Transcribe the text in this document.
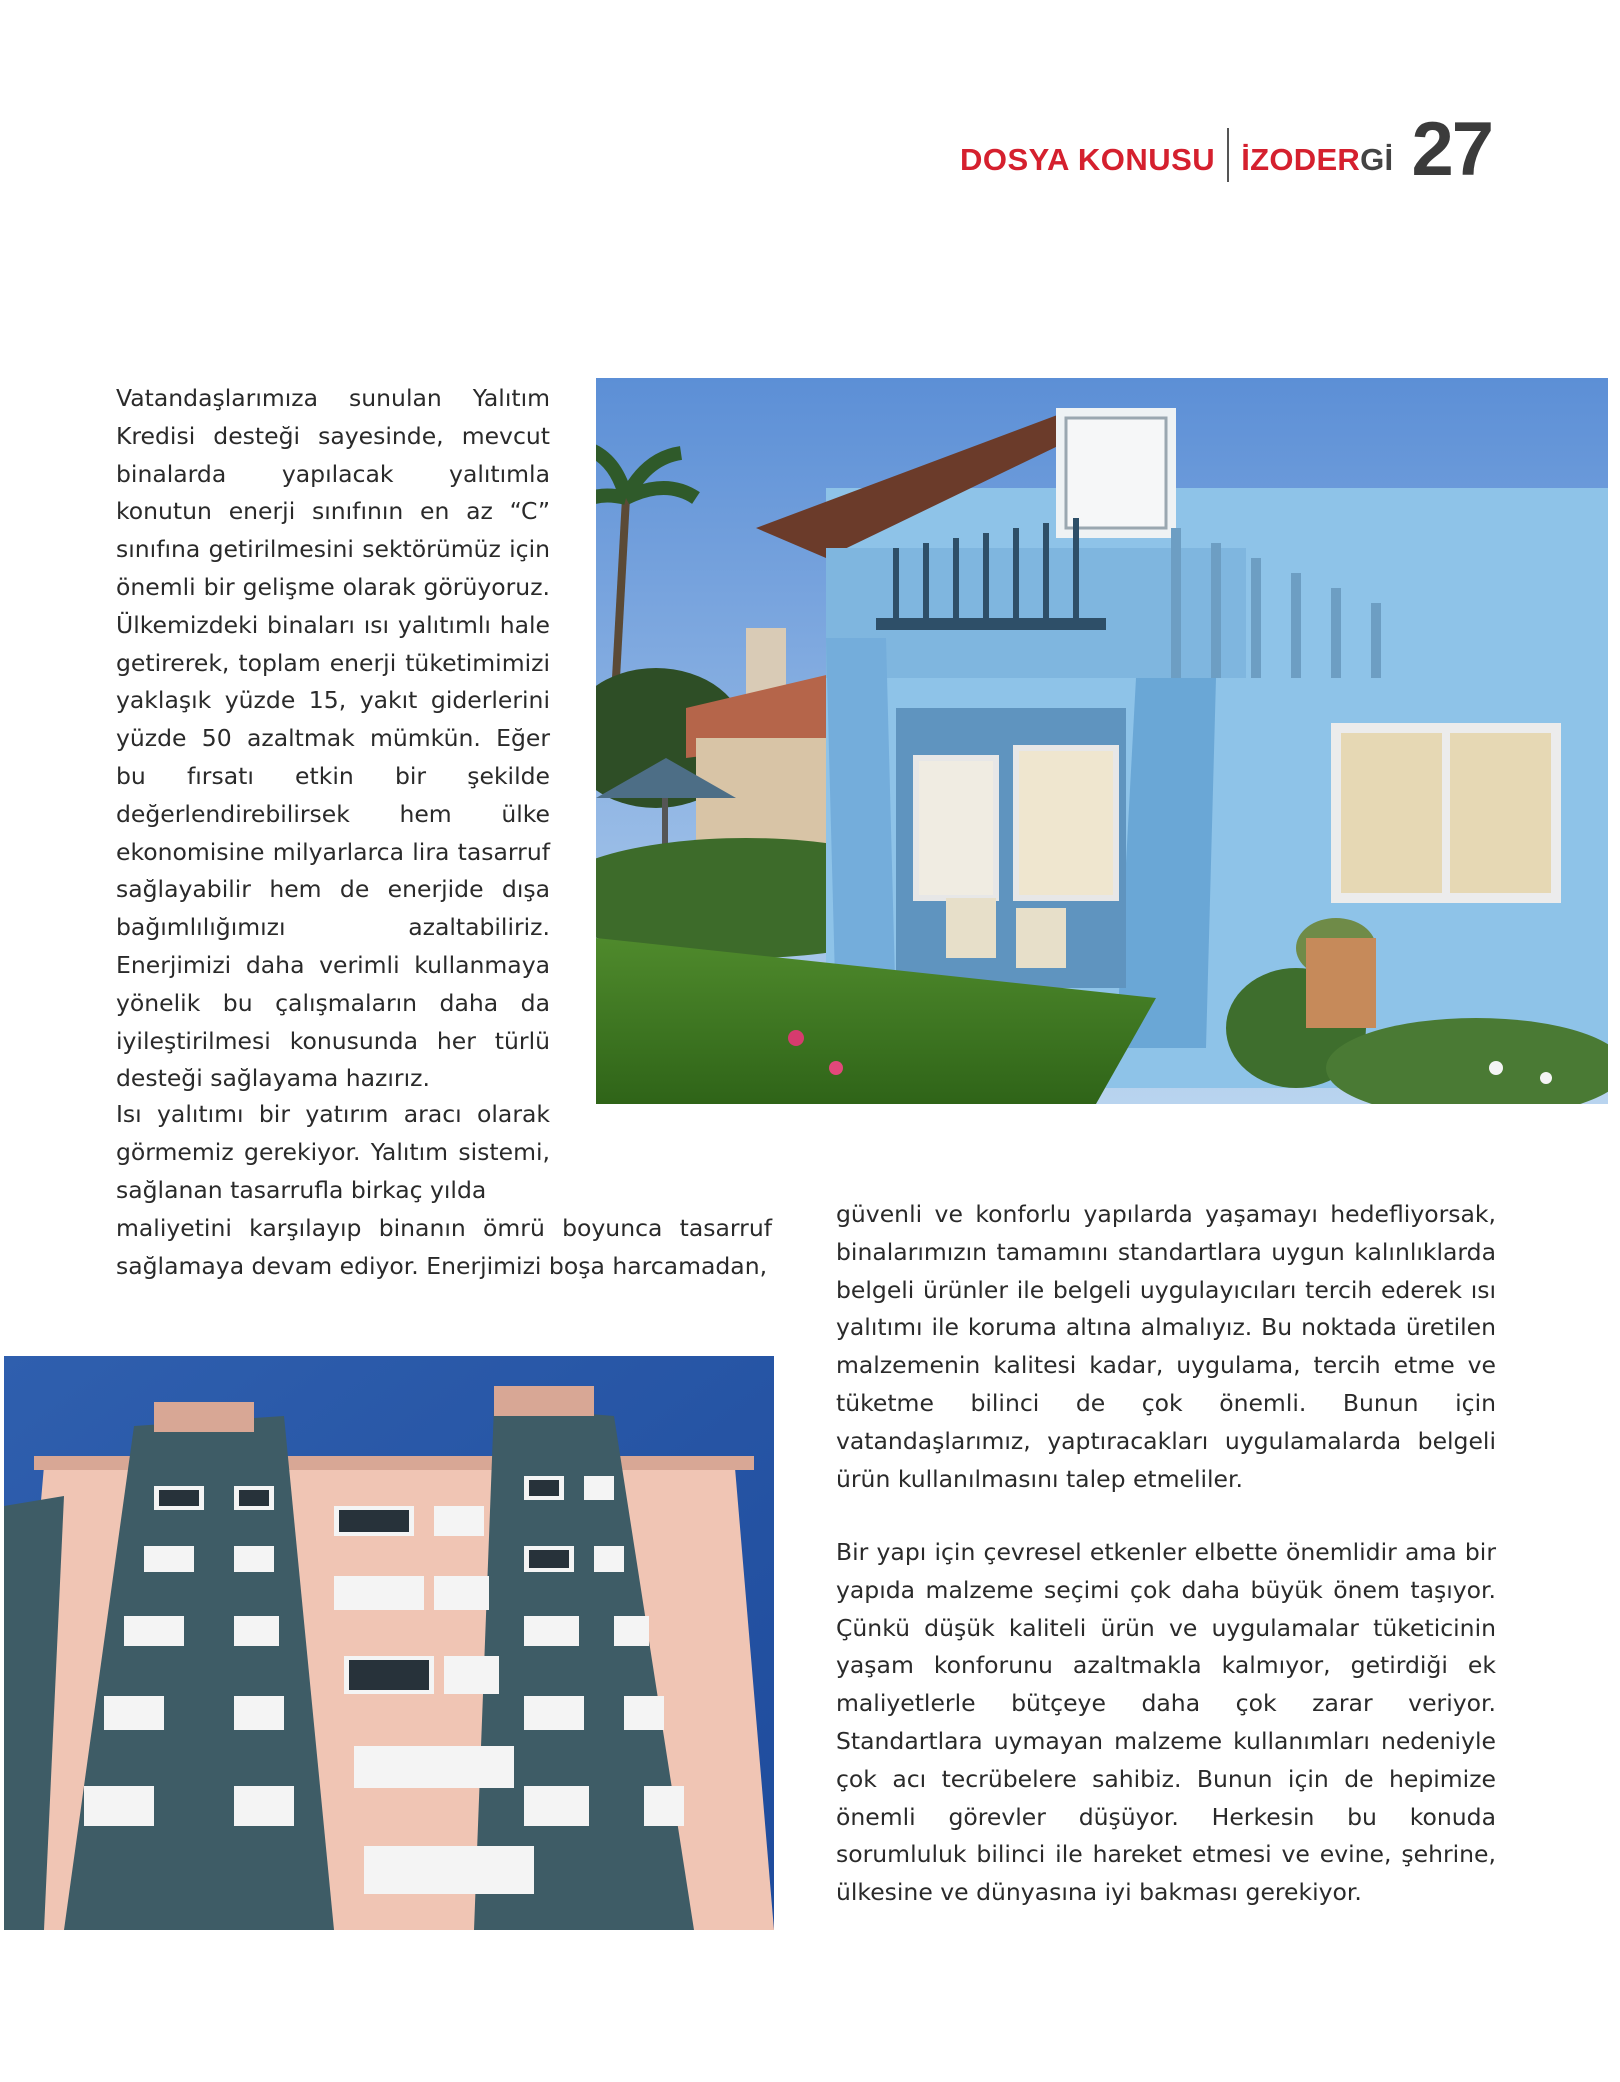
DOSYA KONUSU İZODERGİ 27

Vatandaşlarımıza sunulan Yalıtım Kredisi desteği sayesinde, mevcut binalarda yapılacak yalıtımla konutun enerji sınıfının en az “C” sınıfına getirilmesini sektörümüz için önemli bir gelişme olarak görüyoruz. Ülkemizdeki binaları ısı yalıtımlı hale getirerek, toplam enerji tüketimimizi yaklaşık yüzde 15, yakıt giderlerini yüzde 50 azaltmak mümkün. Eğer bu fırsatı etkin bir şekilde değerlendirebilirsek hem ülke ekonomisine milyarlarca lira tasarruf sağlayabilir hem de enerjide dışa bağımlılığımızı azaltabiliriz. Enerjimizi daha verimli kullanmaya yönelik bu çalışmaların daha da iyileştirilmesi konusunda her türlü desteği sağlayama hazırız.

Isı yalıtımı bir yatırım aracı olarak görmemiz gerekiyor. Yalıtım sistemi, sağlanan tasarrufla birkaç yılda

maliyetini karşılayıp binanın ömrü boyunca tasarruf sağlamaya devam ediyor. Enerjimizi boşa harcamadan,

güvenli ve konforlu yapılarda yaşamayı hedefliyorsak, binalarımızın tamamını standartlara uygun kalınlıklarda belgeli ürünler ile belgeli uygulayıcıları tercih ederek ısı yalıtımı ile koruma altına almalıyız. Bu noktada üretilen malzemenin kalitesi kadar, uygulama, tercih etme ve tüketme bilinci de çok önemli. Bunun için vatandaşlarımız, yaptıracakları uygulamalarda belgeli ürün kullanılmasını talep etmeliler.

Bir yapı için çevresel etkenler elbette önemlidir ama bir yapıda malzeme seçimi çok daha büyük önem taşıyor. Çünkü düşük kaliteli ürün ve uygulamalar tüketicinin yaşam konforunu azaltmakla kalmıyor, getirdiği ek maliyetlerle bütçeye daha çok zarar veriyor. Standartlara uymayan malzeme kullanımları nedeniyle çok acı tecrübelere sahibiz. Bunun için de hepimize önemli görevler düşüyor. Herkesin bu konuda sorumluluk bilinci ile hareket etmesi ve evine, şehrine, ülkesine ve dünyasına iyi bakması gerekiyor.
